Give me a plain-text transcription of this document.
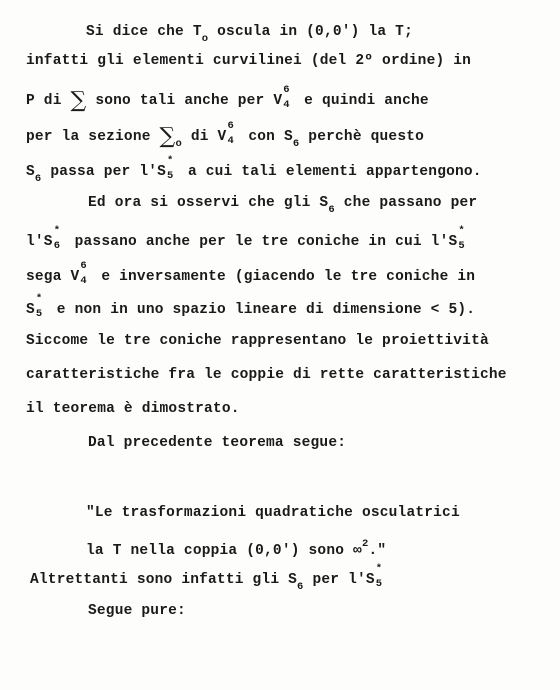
Si dice che $T_o$ oscula in (0,0') la T;
infatti gli elementi curvilinei (del 2º ordine) in
P di ∑ sono tali anche per V
6
4 e quindi anche
per la sezione $\sum_o$ di V
6
4 con $S_6$ perchè questo
$S_6$ passa per l'S
*
5 a cui tali elementi appartengono.
Ed ora si osservi che gli $S_6$ che passano per
l'S
*
6 passano anche per le tre coniche in cui l'S
*
5
sega V
6
4 e inversamente (giacendo le tre coniche in
S
*
5 e non in uno spazio lineare di dimensione < 5).
Siccome le tre coniche rappresentano le proiettività
caratteristiche fra le coppie di rette caratteristiche
il teorema è dimostrato.
Dal precedente teorema segue:
"Le trasformazioni quadratiche osculatrici
la T nella coppia (0,0') sono ∞$^2$."
Altrettanti sono infatti gli $S_6$ per l'S
*
5
Segue pure:
